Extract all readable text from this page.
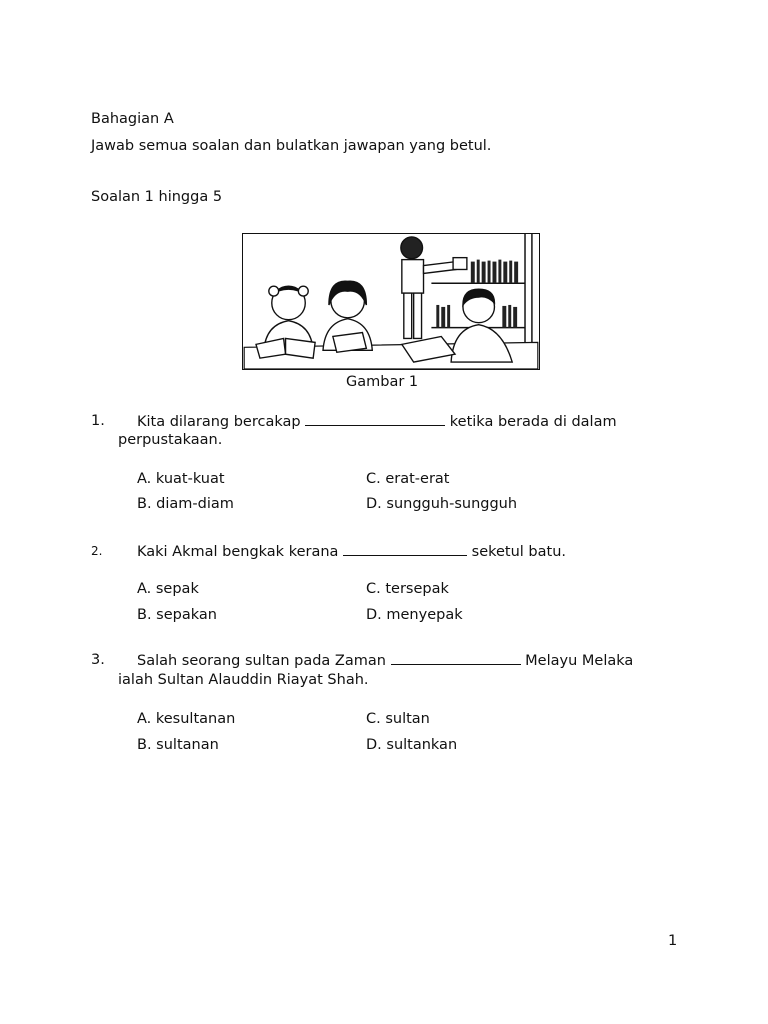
Bahagian A
Jawab semua soalan dan bulatkan jawapan yang betul.
Soalan 1 hingga 5
Gambar 1
1. Kita dilarang bercakap	ketika berada di dalam
perpustakaan.
A. kuat-kuat	C. erat-erat
B. diam-diam	D. sungguh-sungguh
2. Kaki Akmal bengkak kerana	seketul batu.
A. sepak	C. tersepak
B. sepakan	D. menyepak
3. Salah seorang sultan pada Zaman	Melayu Melaka
ialah Sultan Alauddin Riayat Shah.
A. kesultanan	C. sultan
B. sultanan	D. sultankan
1
